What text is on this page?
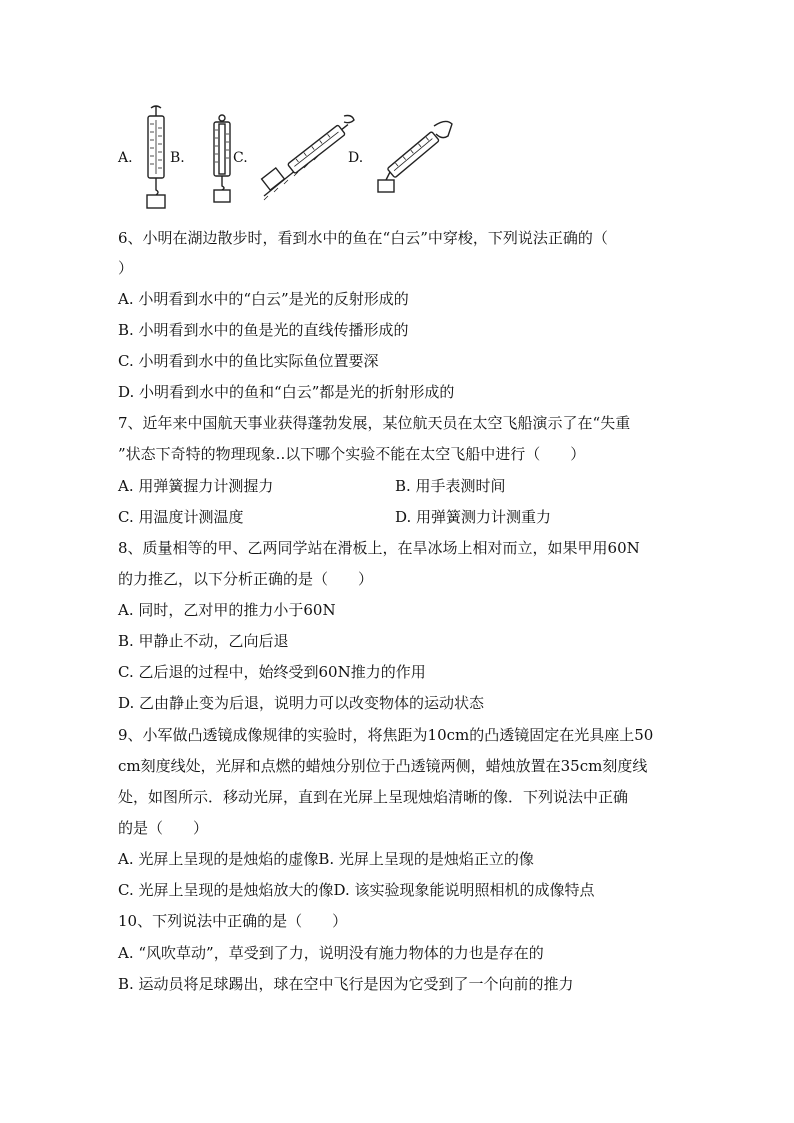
A.	B.	C.	D.
6、小明在湖边散步时，看到水中的鱼在“白云”中穿梭，下列说法正确的（
）
A. 小明看到水中的“白云”是光的反射形成的
B. 小明看到水中的鱼是光的直线传播形成的
C. 小明看到水中的鱼比实际鱼位置要深
D. 小明看到水中的鱼和“白云”都是光的折射形成的
7、近年来中国航天事业获得蓬勃发展，某位航天员在太空飞船演示了在“失重
”状态下奇特的物理现象..以下哪个实验不能在太空飞船中进行（　　）
A. 用弹簧握力计测握力	B. 用手表测时间
C. 用温度计测温度	D. 用弹簧测力计测重力
8、质量相等的甲、乙两同学站在滑板上，在旱冰场上相对而立，如果甲用60N
的力推乙，以下分析正确的是（　　）
A. 同时，乙对甲的推力小于60N
B. 甲静止不动，乙向后退
C. 乙后退的过程中，始终受到60N推力的作用
D. 乙由静止变为后退，说明力可以改变物体的运动状态
9、小军做凸透镜成像规律的实验时，将焦距为10cm的凸透镜固定在光具座上50
cm刻度线处，光屏和点燃的蜡烛分别位于凸透镜两侧，蜡烛放置在35cm刻度线
处，如图所示．移动光屏，直到在光屏上呈现烛焰清晰的像．下列说法中正确
的是（　　）
A. 光屏上呈现的是烛焰的虚像B. 光屏上呈现的是烛焰正立的像
C. 光屏上呈现的是烛焰放大的像D. 该实验现象能说明照相机的成像特点
10、下列说法中正确的是（　　）
A. “风吹草动”，草受到了力，说明没有施力物体的力也是存在的
B. 运动员将足球踢出，球在空中飞行是因为它受到了一个向前的推力
